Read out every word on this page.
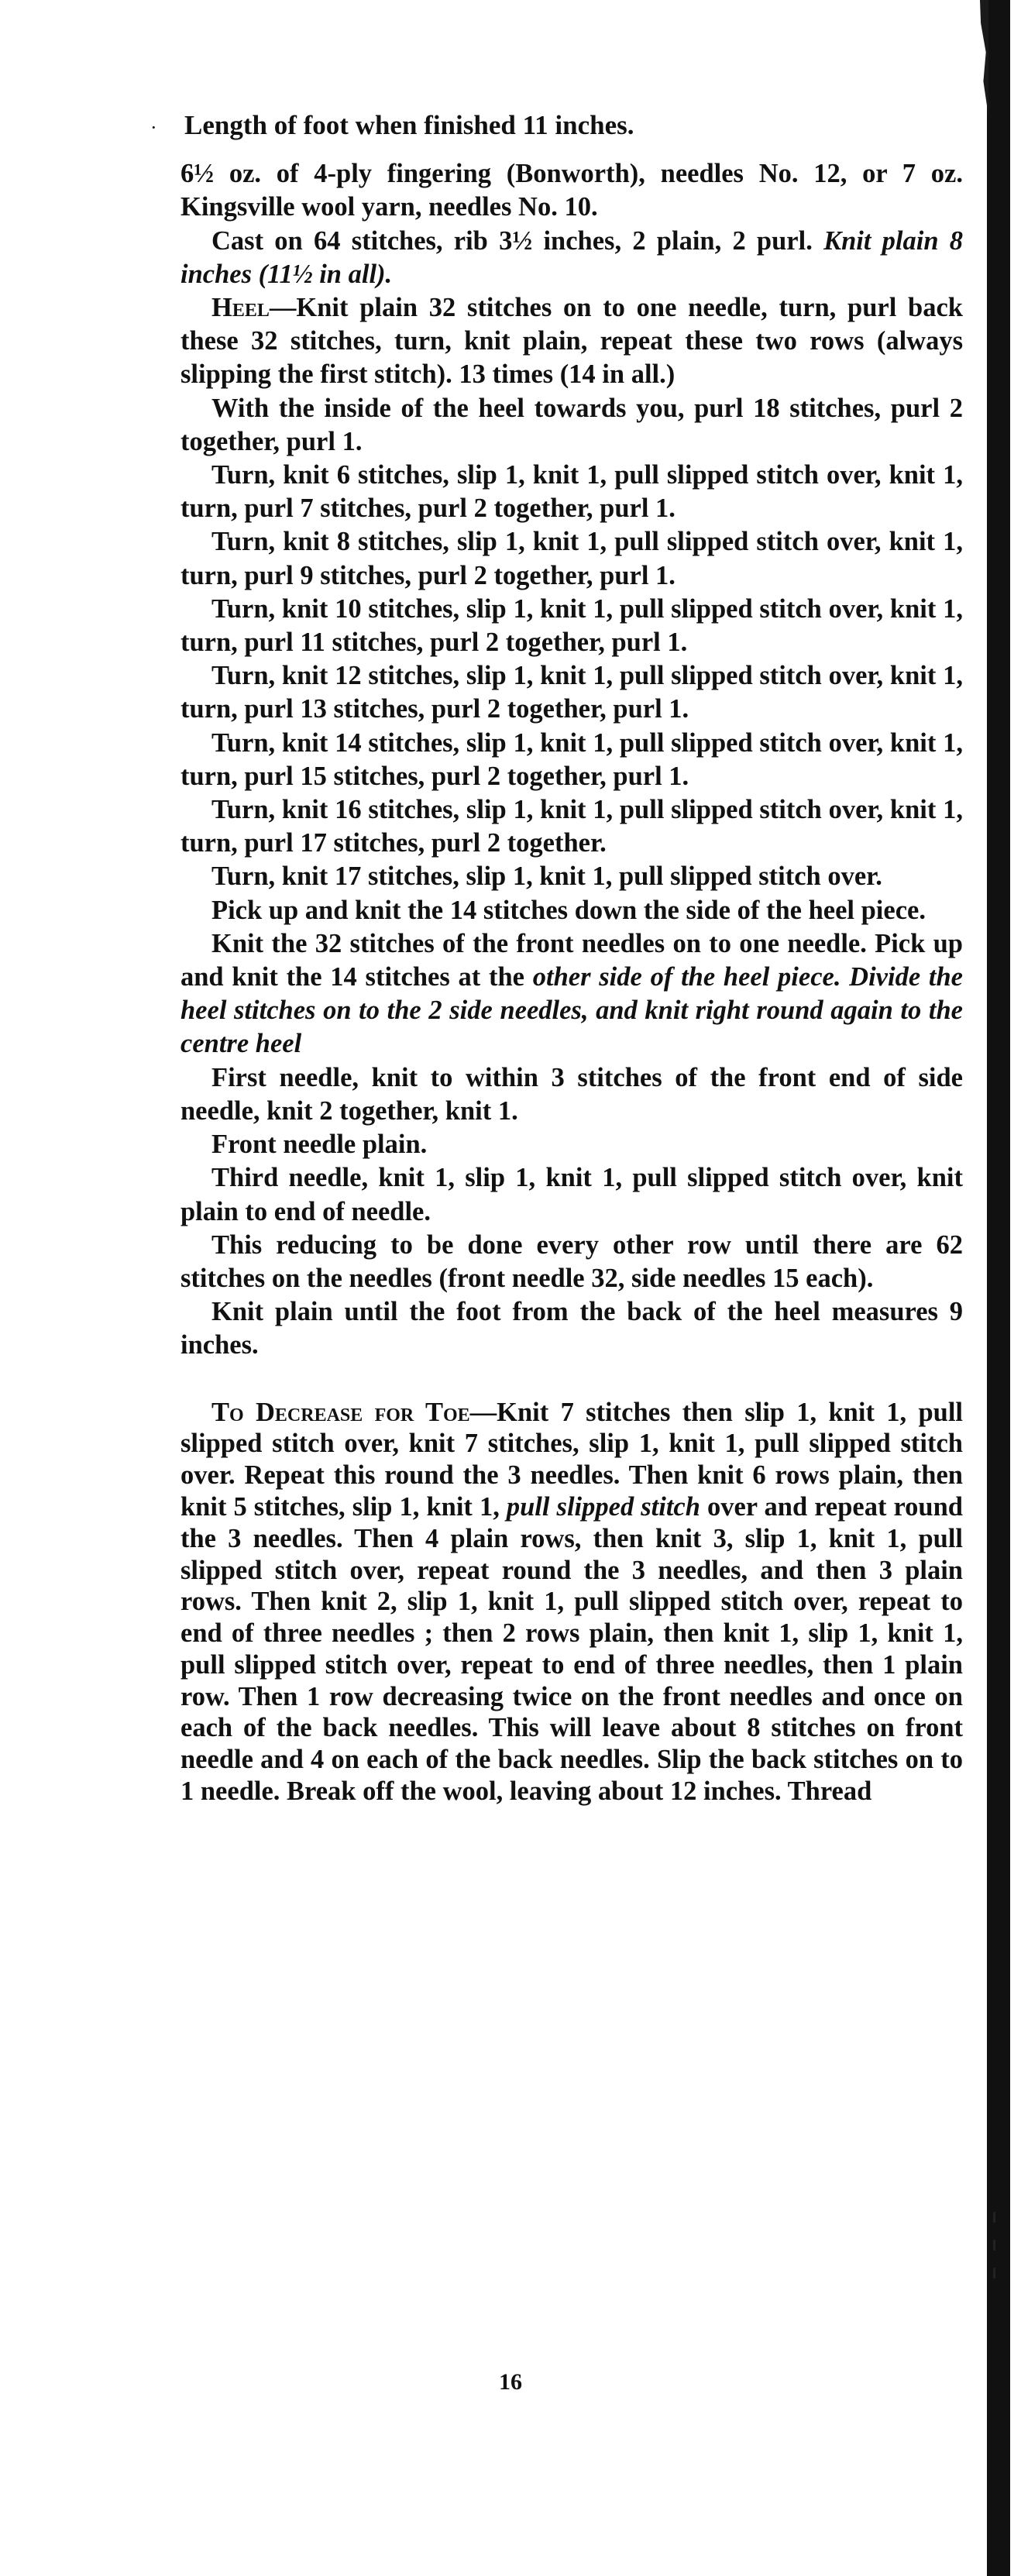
· Length of foot when finished 11 inches.

6½ oz. of 4-ply fingering (Bonworth), needles No. 12, or 7 oz. Kingsville wool yarn, needles No. 10.

Cast on 64 stitches, rib 3½ inches, 2 plain, 2 purl. Knit plain 8 inches (11½ in all).

Heel—Knit plain 32 stitches on to one needle, turn, purl back these 32 stitches, turn, knit plain, repeat these two rows (always slipping the first stitch). 13 times (14 in all.)

With the inside of the heel towards you, purl 18 stitches, purl 2 together, purl 1.

Turn, knit 6 stitches, slip 1, knit 1, pull slipped stitch over, knit 1, turn, purl 7 stitches, purl 2 together, purl 1.

Turn, knit 8 stitches, slip 1, knit 1, pull slipped stitch over, knit 1, turn, purl 9 stitches, purl 2 together, purl 1.

Turn, knit 10 stitches, slip 1, knit 1, pull slipped stitch over, knit 1, turn, purl 11 stitches, purl 2 together, purl 1.

Turn, knit 12 stitches, slip 1, knit 1, pull slipped stitch over, knit 1, turn, purl 13 stitches, purl 2 together, purl 1.

Turn, knit 14 stitches, slip 1, knit 1, pull slipped stitch over, knit 1, turn, purl 15 stitches, purl 2 together, purl 1.

Turn, knit 16 stitches, slip 1, knit 1, pull slipped stitch over, knit 1, turn, purl 17 stitches, purl 2 together.

Turn, knit 17 stitches, slip 1, knit 1, pull slipped stitch over.

Pick up and knit the 14 stitches down the side of the heel piece.

Knit the 32 stitches of the front needles on to one needle. Pick up and knit the 14 stitches at the other side of the heel piece. Divide the heel stitches on to the 2 side needles, and knit right round again to the centre heel

First needle, knit to within 3 stitches of the front end of side needle, knit 2 together, knit 1.

Front needle plain.

Third needle, knit 1, slip 1, knit 1, pull slipped stitch over, knit plain to end of needle.

This reducing to be done every other row until there are 62 stitches on the needles (front needle 32, side needles 15 each).

Knit plain until the foot from the back of the heel measures 9 inches.

To Decrease for Toe—Knit 7 stitches then slip 1, knit 1, pull slipped stitch over, knit 7 stitches, slip 1, knit 1, pull slipped stitch over. Repeat this round the 3 needles. Then knit 6 rows plain, then knit 5 stitches, slip 1, knit 1, pull slipped stitch over and repeat round the 3 needles. Then 4 plain rows, then knit 3, slip 1, knit 1, pull slipped stitch over, repeat round the 3 needles, and then 3 plain rows. Then knit 2, slip 1, knit 1, pull slipped stitch over, repeat to end of three needles ; then 2 rows plain, then knit 1, slip 1, knit 1, pull slipped stitch over, repeat to end of three needles, then 1 plain row. Then 1 row decreasing twice on the front needles and once on each of the back needles. This will leave about 8 stitches on front needle and 4 on each of the back needles. Slip the back stitches on to 1 needle. Break off the wool, leaving about 12 inches. Thread

16
